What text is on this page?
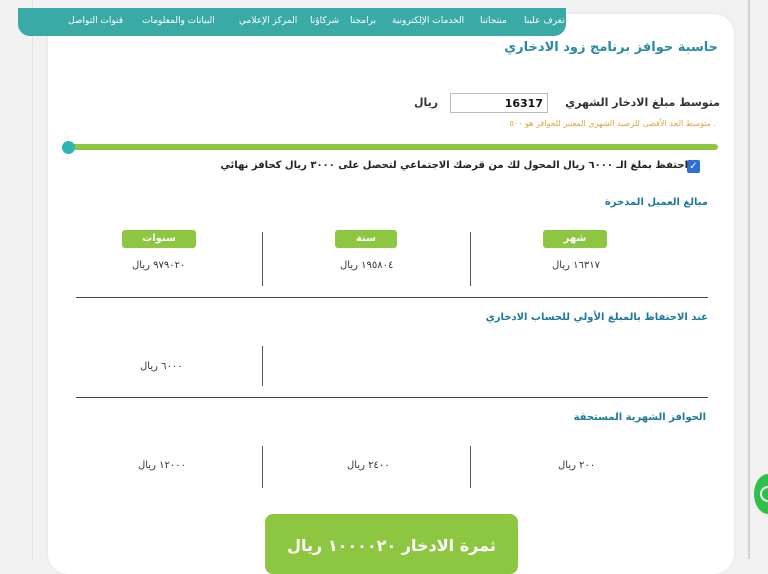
تعرف علينا
منتجاتنا
الخدمات الإلكترونية
برامجنا
شركاؤنا
المركز الإعلامي
البيانات والمعلومات
قنوات التواصل
حاسبة حوافز برنامج زود الادخاري
متوسط مبلغ الادخار الشهري
16317
ريال
متوسط الحد الأقصى للرصيد الشهري المعتبر للحوافز هو ٥٠٠ .
✓
احتفظ بملغ الـ ٦٠٠٠ ريال المحول لك من قرضك الاجتماعي لتحصل على ٣٠٠٠ ريال كحافز نهائي
مبالغ العميل المدخرة
شهر
سنة
سنوات
١٦٣١٧ ريال
١٩٥٨٠٤ ريال
٩٧٩٠٢٠ ريال
عند الاحتفاظ بالمبلغ الأولي للحساب الادخاري
٦٠٠٠ ريال
الحوافز الشهرية المستحقة
٢٠٠ ريال
٢٤٠٠ ريال
١٢٠٠٠ ريال
ثمرة الادخار ١٠٠٠٠٢٠ ريال
